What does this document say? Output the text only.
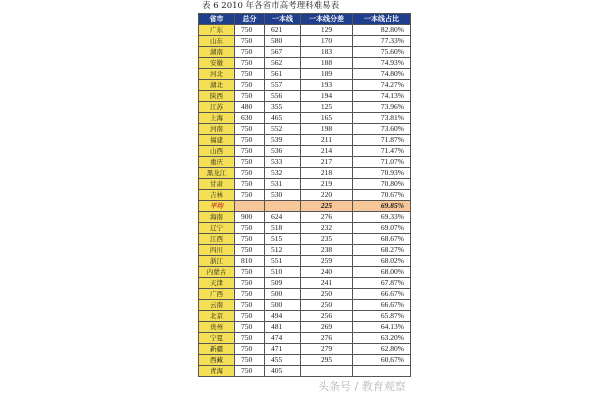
表 6 2010 年各省市高考理科难易表
省市	总分	一本线	一本线分差	一本线占比
广东	750	621	129	82.80%
山东	750	580	170	77.33%
湖南	750	567	183	75.60%
安徽	750	562	188	74.93%
河北	750	561	189	74.80%
湖北	750	557	193	74.27%
陕西	750	556	194	74.13%
江苏	480	355	125	73.96%
上海	630	465	165	73.81%
河南	750	552	198	73.60%
福建	750	539	211	71.87%
山西	750	536	214	71.47%
重庆	750	533	217	71.07%
黑龙江	750	532	218	70.93%
甘肃	750	531	219	70.80%
吉林	750	530	220	70.67%
平均			225	69.85%
海南	900	624	276	69.33%
辽宁	750	518	232	69.07%
江西	750	515	235	68.67%
四川	750	512	238	68.27%
浙江	810	551	259	68.02%
内蒙古	750	510	240	68.00%
天津	750	509	241	67.87%
广西	750	500	250	66.67%
云南	750	500	250	66.67%
北京	750	494	256	65.87%
贵州	750	481	269	64.13%
宁夏	750	474	276	63.20%
新疆	750	471	279	62.80%
西藏	750	455	295	60.67%
青海	750	405		
头条号 / 教育观察
